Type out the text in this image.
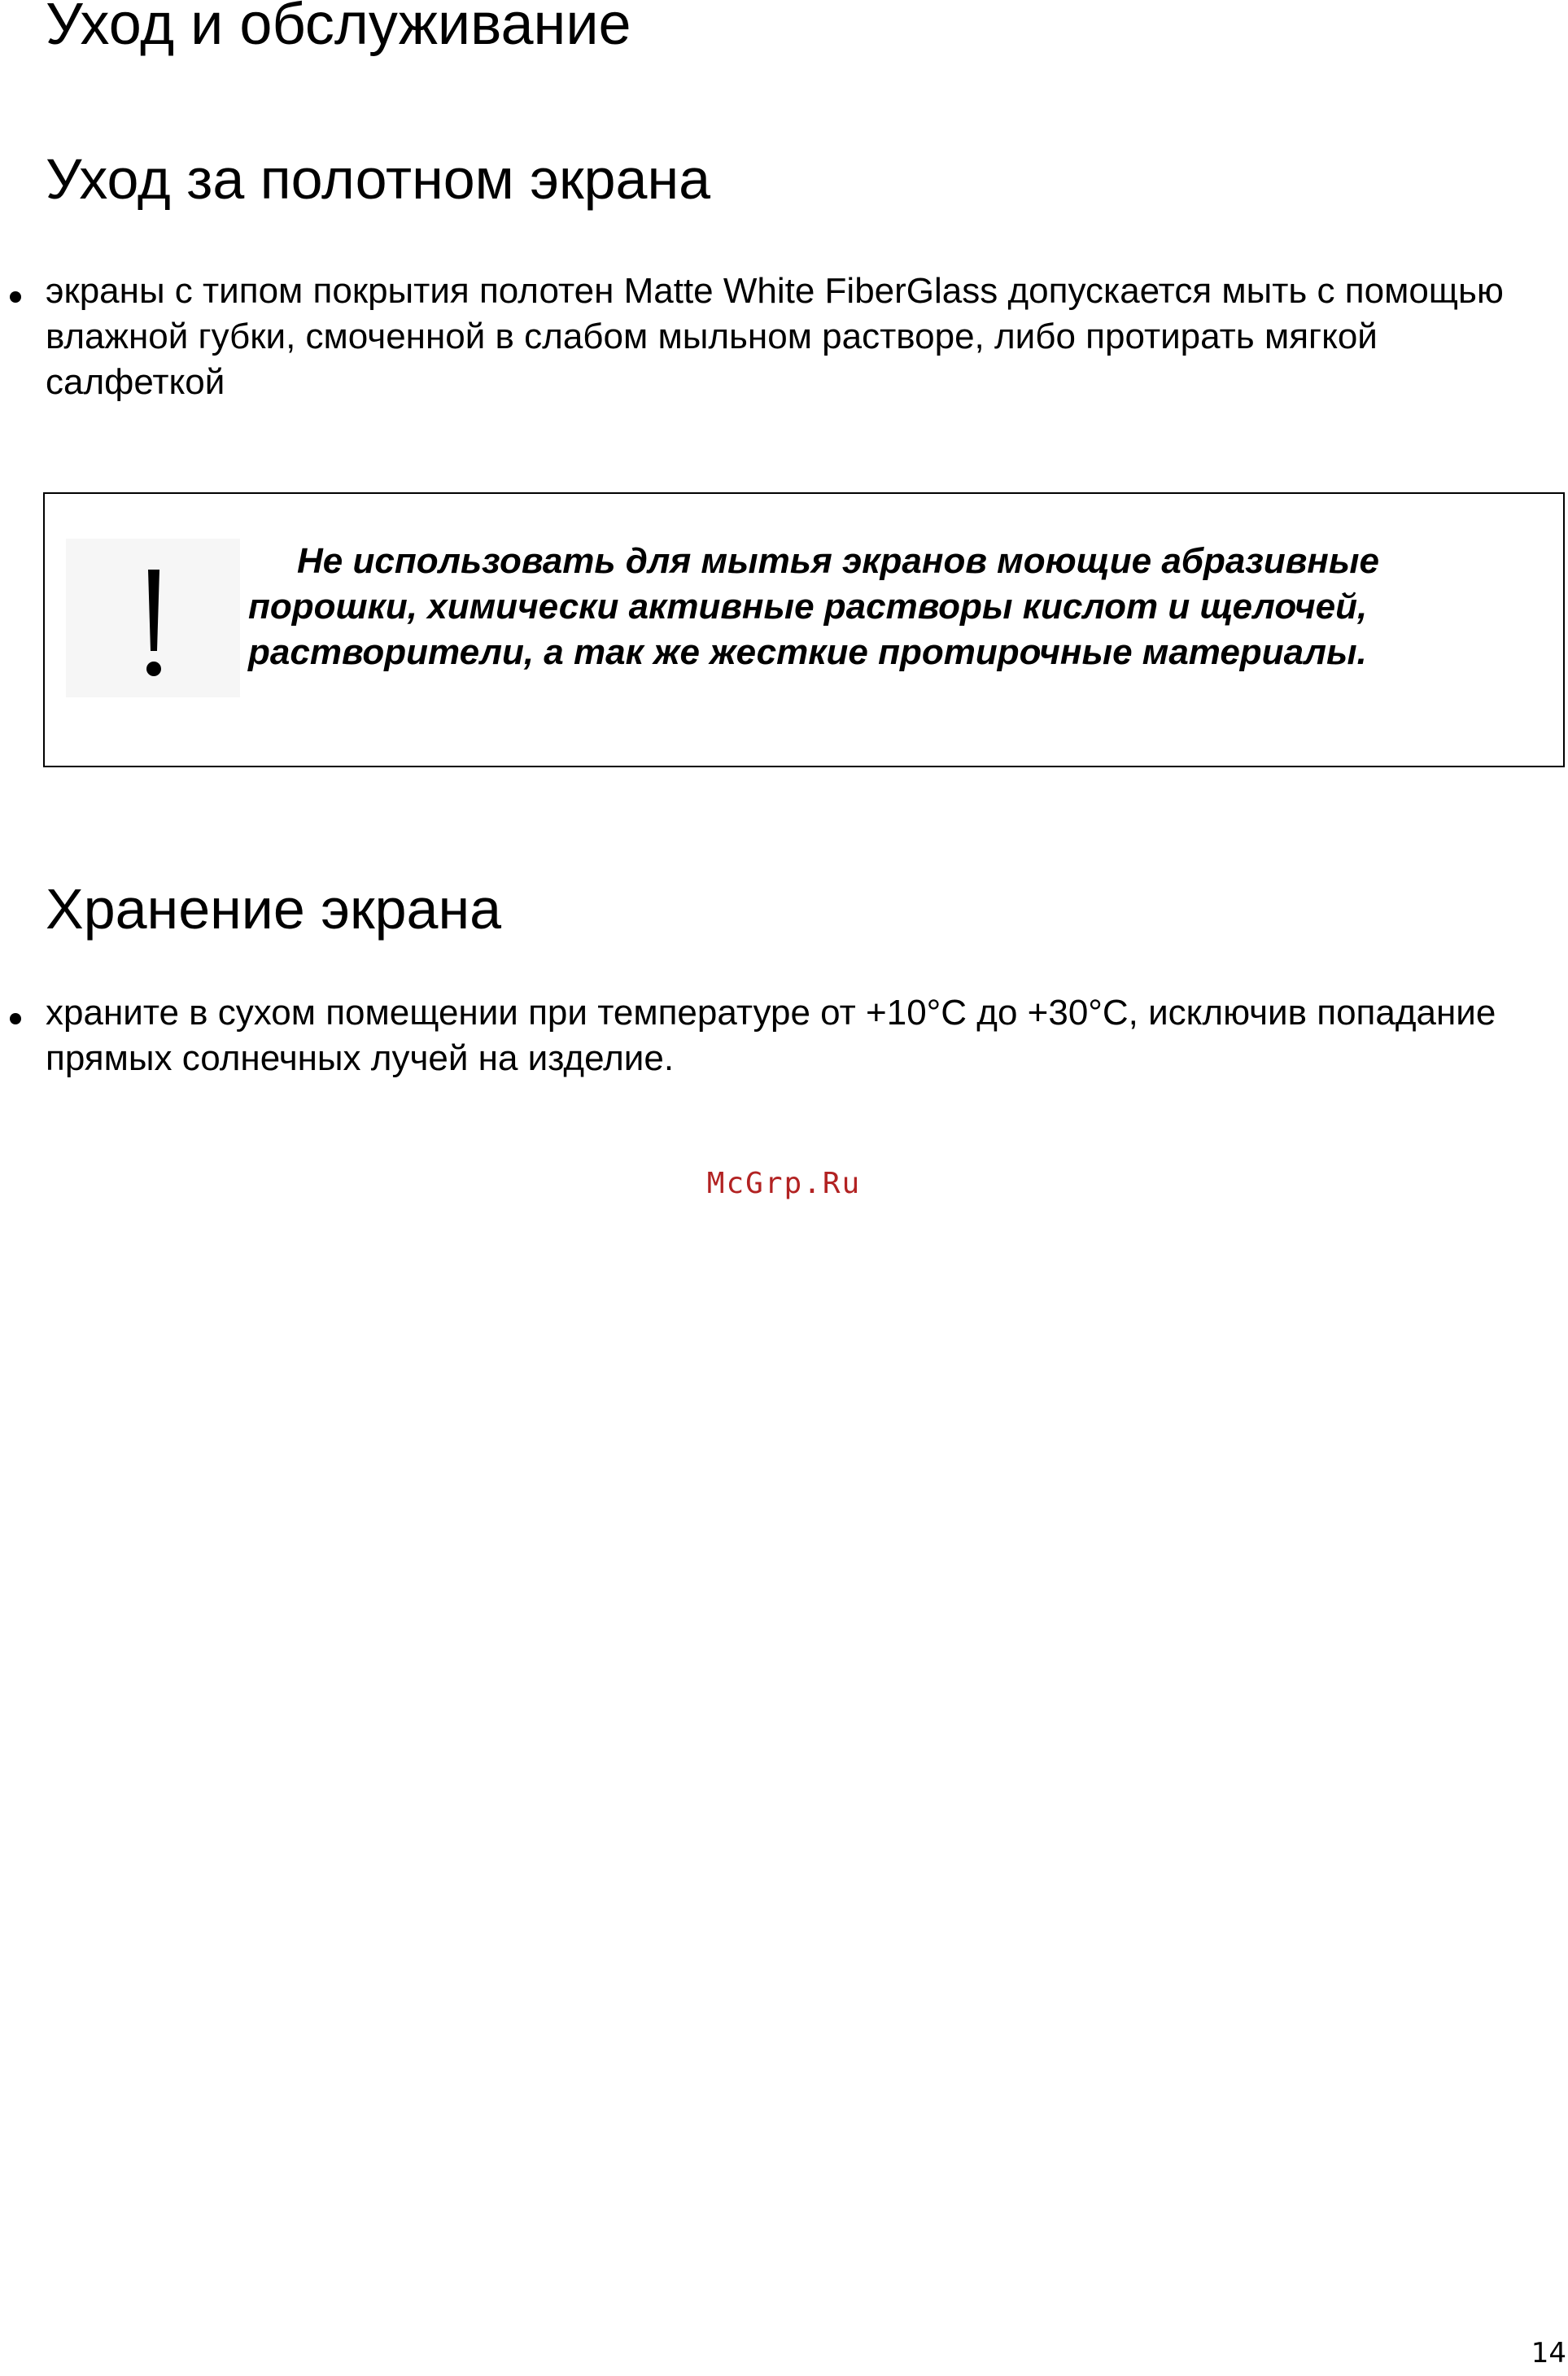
Уход и обслуживание
Уход за полотном экрана

экраны с типом покрытия полотен Matte White FiberGlass допускается мыть с помощью влажной губки, смоченной в слабом мыльном растворе, либо протирать мягкой салфеткой

Не использовать для мытья экранов моющие абразивные порошки, химически активные растворы кислот и щелочей, растворители, а так же жесткие протирочные материалы.

Хранение экрана

храните в сухом помещении при температуре от +10°С до +30°С, исключив попадание прямых солнечных лучей на изделие.

McGrp.Ru
14
